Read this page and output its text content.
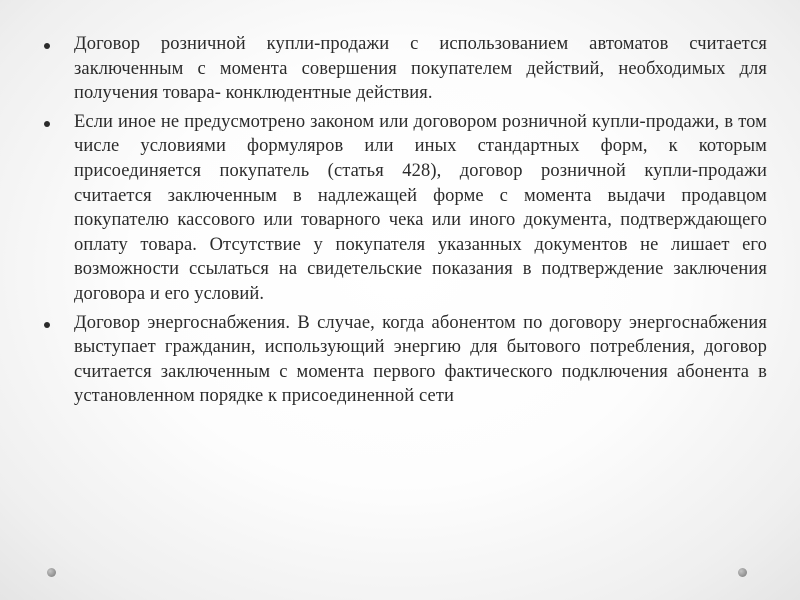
Договор розничной купли-продажи с использованием автоматов считается заключенным с момента совершения покупателем действий, необходимых для получения товара- конклюдентные действия.
Если иное не предусмотрено законом или договором розничной купли-продажи, в том числе условиями формуляров или иных стандартных форм, к которым присоединяется покупатель (статья 428), договор розничной купли-продажи считается заключенным в надлежащей форме с момента выдачи продавцом покупателю кассового или товарного чека или иного документа, подтверждающего оплату товара. Отсутствие у покупателя указанных документов не лишает его возможности ссылаться на свидетельские показания в подтверждение заключения договора и его условий.
Договор энергоснабжения. В случае, когда абонентом по договору энергоснабжения выступает гражданин, использующий энергию для бытового потребления, договор считается заключенным с момента первого фактического подключения абонента в установленном порядке к присоединенной сети
